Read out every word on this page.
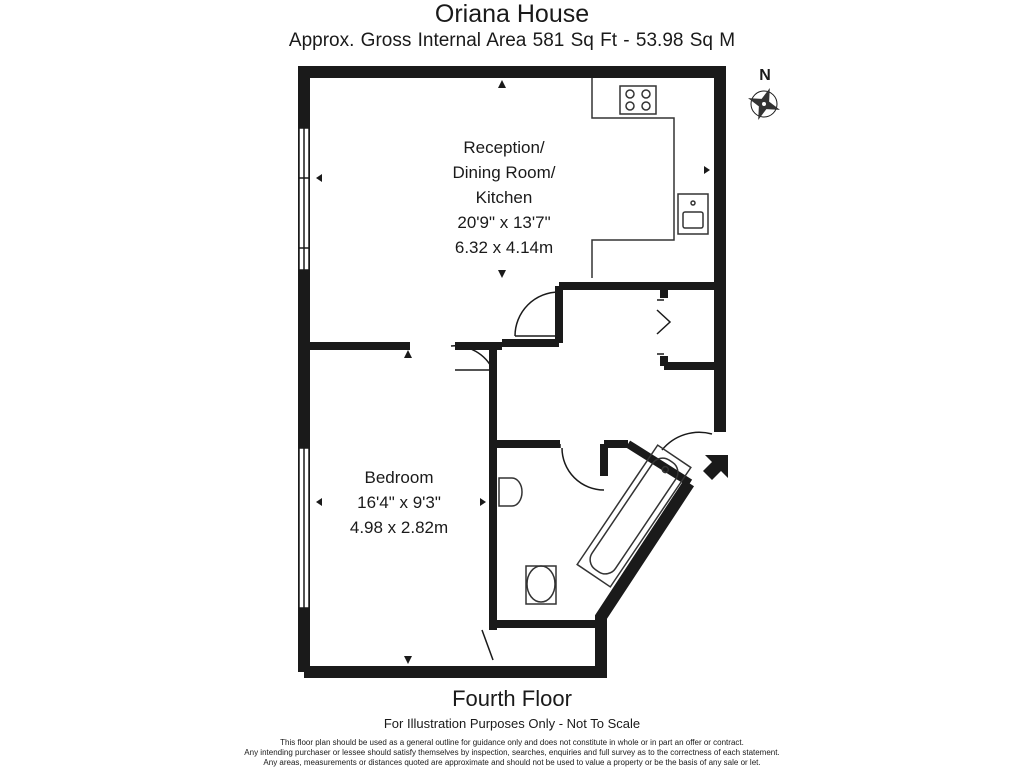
Oriana House
Approx. Gross Internal Area 581 Sq Ft - 53.98 Sq M
N
Reception/
Dining Room/
Kitchen
20'9" x 13'7"
6.32 x 4.14m
Bedroom
16'4" x 9'3"
4.98 x 2.82m
Fourth Floor
For Illustration Purposes Only - Not To Scale
This floor plan should be used as a general outline for guidance only and does not constitute in whole or in part an offer or contract.
Any intending purchaser or lessee should satisfy themselves by inspection, searches, enquiries and full survey as to the correctness of each statement.
Any areas, measurements or distances quoted are approximate and should not be used to value a property or be the basis of any sale or let.
